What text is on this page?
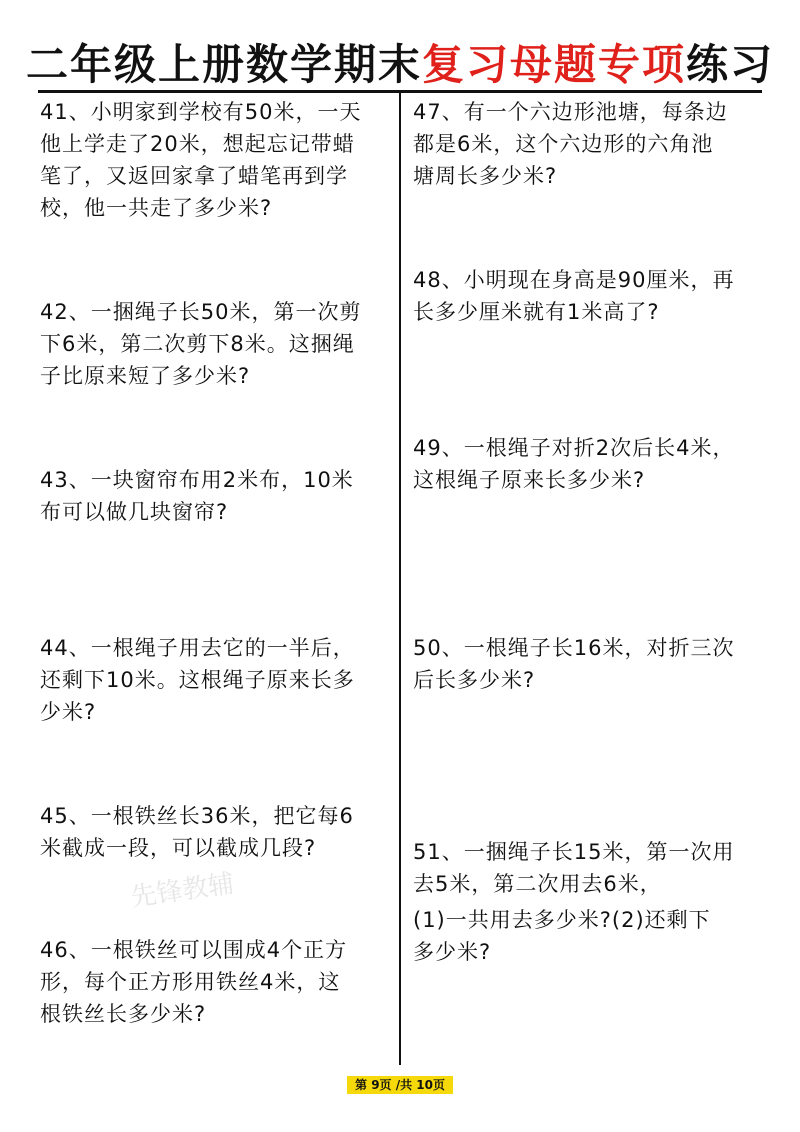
二年级上册数学期末复习母题专项练习
41、小明家到学校有50米，一天
他上学走了20米，想起忘记带蜡
笔了，又返回家拿了蜡笔再到学
校，他一共走了多少米?
42、一捆绳子长50米，第一次剪
下6米，第二次剪下8米。这捆绳
子比原来短了多少米?
43、一块窗帘布用2米布，10米
布可以做几块窗帘?
44、一根绳子用去它的一半后，
还剩下10米。这根绳子原来长多
少米?
45、一根铁丝长36米，把它每6
米截成一段，可以截成几段?
46、一根铁丝可以围成4个正方
形，每个正方形用铁丝4米，这
根铁丝长多少米?
47、有一个六边形池塘，每条边
都是6米，这个六边形的六角池
塘周长多少米?
48、小明现在身高是90厘米，再
长多少厘米就有1米高了?
49、一根绳子对折2次后长4米，
这根绳子原来长多少米?
50、一根绳子长16米，对折三次
后长多少米?
51、一捆绳子长15米，第一次用
去5米，第二次用去6米，
(1)一共用去多少米?(2)还剩下
多少米?
先锋教辅
第 9页 /共 10页
